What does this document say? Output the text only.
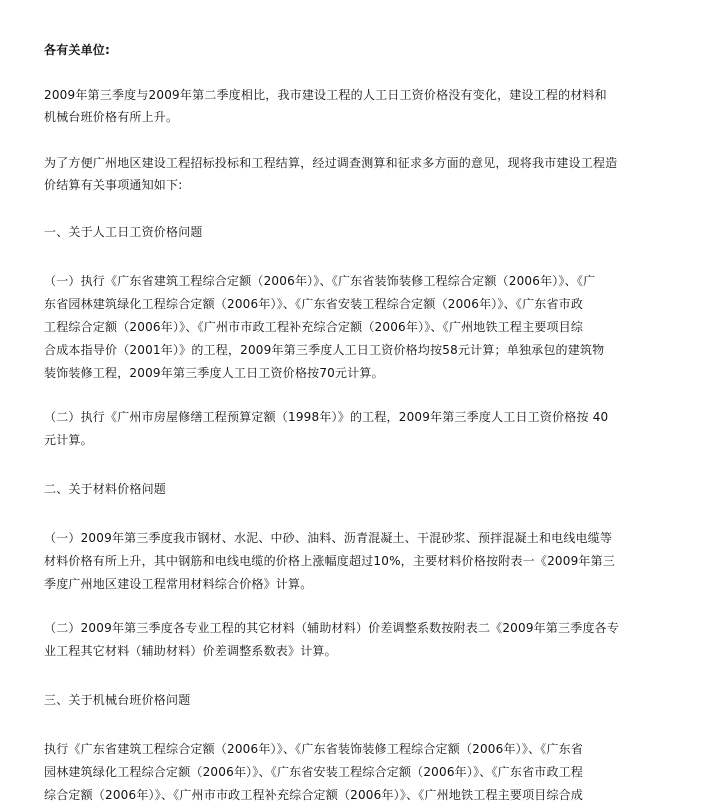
各有关单位:
2009年第三季度与2009年第二季度相比，我市建设工程的人工日工资价格没有变化，建设工程的材料和
机械台班价格有所上升。
为了方便广州地区建设工程招标投标和工程结算，经过调查测算和征求多方面的意见，现将我市建设工程造
价结算有关事项通知如下:
一、关于人工日工资价格问题
（一）执行《广东省建筑工程综合定额（2006年）》、《广东省装饰装修工程综合定额（2006年）》、《广
东省园林建筑绿化工程综合定额（2006年）》、《广东省安装工程综合定额（2006年）》、《广东省市政
工程综合定额（2006年）》、《广州市市政工程补充综合定额（2006年）》、《广州地铁工程主要项目综
合成本指导价（2001年）》的工程，2009年第三季度人工日工资价格均按58元计算；单独承包的建筑物
装饰装修工程，2009年第三季度人工日工资价格按70元计算。
（二）执行《广州市房屋修缮工程预算定额（1998年）》的工程，2009年第三季度人工日工资价格按 40
元计算。
二、关于材料价格问题
（一）2009年第三季度我市钢材、水泥、中砂、油料、沥青混凝土、干混砂浆、预拌混凝土和电线电缆等
材料价格有所上升，其中钢筋和电线电缆的价格上涨幅度超过10%，主要材料价格按附表一《2009年第三
季度广州地区建设工程常用材料综合价格》计算。
（二）2009年第三季度各专业工程的其它材料（辅助材料）价差调整系数按附表二《2009年第三季度各专
业工程其它材料（辅助材料）价差调整系数表》计算。
三、关于机械台班价格问题
执行《广东省建筑工程综合定额（2006年）》、《广东省装饰装修工程综合定额（2006年）》、《广东省
园林建筑绿化工程综合定额（2006年）》、《广东省安装工程综合定额（2006年）》、《广东省市政工程
综合定额（2006年）》、《广州市市政工程补充综合定额（2006年）》、《广州地铁工程主要项目综合成
